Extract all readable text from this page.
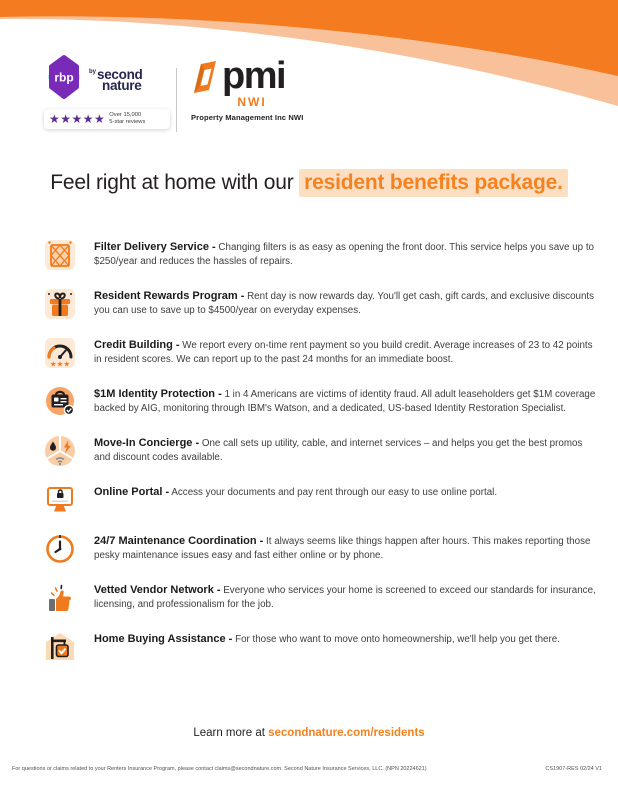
rbp	$^{by}$second
nature
★★★★★ Over 15,000
5-star reviews
pmi
NWI
Property Management Inc NWI
Feel right at home with our resident benefits package.
Filter Delivery Service - Changing filters is as easy as opening the front door. This service helps you save up to $250/year and reduces the hassles of repairs.
Resident Rewards Program - Rent day is now rewards day. You'll get cash, gift cards, and exclusive discounts you can use to save up to $4500/year on everyday expenses.
★★★
Credit Building - We report every on-time rent payment so you build credit. Average increases of 23 to 42 points in resident scores. We can report up to the past 24 months for an immediate boost.
$1M Identity Protection - 1 in 4 Americans are victims of identity fraud. All adult leaseholders get $1M coverage backed by AIG, monitoring through IBM's Watson, and a dedicated, US-based Identity Restoration Specialist.
Move-In Concierge - One call sets up utility, cable, and internet services – and helps you get the best promos and discount codes available.
Online Portal - Access your documents and pay rent through our easy to use online portal.
24/7 Maintenance Coordination - It always seems like things happen after hours. This makes reporting those pesky maintenance issues easy and fast either online or by phone.
Vetted Vendor Network - Everyone who services your home is screened to exceed our standards for insurance, licensing, and professionalism for the job.
Home Buying Assistance - For those who want to move onto homeownership, we'll help you get there.
Learn more at secondnature.com/residents
For questions or claims related to your Renters Insurance Program, please contact claims@secondnature.com. Second Nature Insurance Services, LLC. (NPN 20224621)	CS1907-RES 02/24 V1
